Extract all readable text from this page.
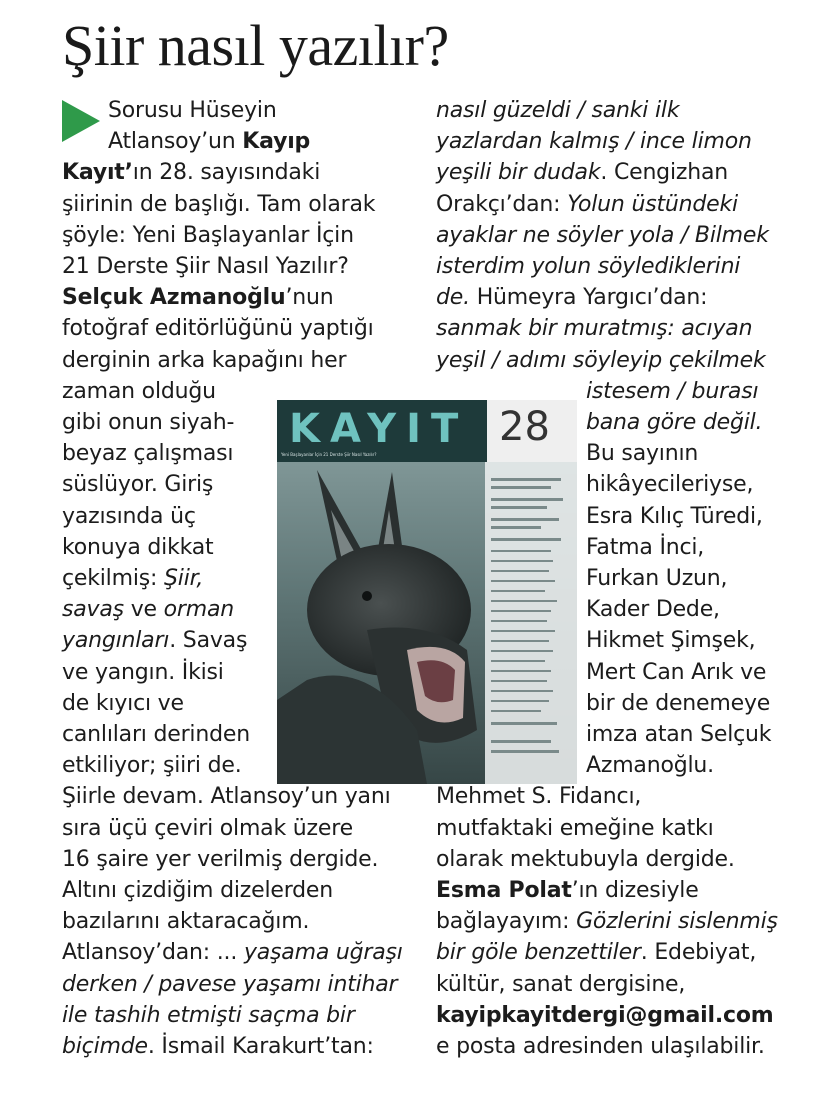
Şiir nasıl yazılır?
Sorusu Hüseyin
Atlansoy’un Kayıp
Kayıt’ın 28. sayısındaki
şiirinin de başlığı. Tam olarak
şöyle: Yeni Başlayanlar İçin
21 Derste Şiir Nasıl Yazılır?
Selçuk Azmanoğlu’nun
fotoğraf editörlüğünü yaptığı
derginin arka kapağını her
zaman olduğu
gibi onun siyah-
beyaz çalışması
süslüyor. Giriş
yazısında üç
konuya dikkat
çekilmiş: Şiir,
savaş ve orman
yangınları. Savaş
ve yangın. İkisi
de kıyıcı ve
canlıları derinden
etkiliyor; şiiri de.
Şiirle devam. Atlansoy’un yanı
sıra üçü çeviri olmak üzere
16 şaire yer verilmiş dergide.
Altını çizdiğim dizelerden
bazılarını aktaracağım.
Atlansoy’dan: ... yaşama uğraşı
derken / pavese yaşamı intihar
ile tashih etmişti saçma bir
biçimde. İsmail Karakurt’tan:
nasıl güzeldi / sanki ilk
yazlardan kalmış / ince limon
yeşili bir dudak. Cengizhan
Orakçı’dan: Yolun üstündeki
ayaklar ne söyler yola / Bilmek
isterdim yolun söylediklerini
de. Hümeyra Yargıcı’dan:
sanmak bir muratmış: acıyan
yeşil / adımı söyleyip çekilmek
istesem / burası
bana göre değil.
Bu sayının
hikâyecileriyse,
Esra Kılıç Türedi,
Fatma İnci,
Furkan Uzun,
Kader Dede,
Hikmet Şimşek,
Mert Can Arık ve
bir de denemeye
imza atan Selçuk
Azmanoğlu.
Mehmet S. Fidancı,
mutfaktaki emeğine katkı
olarak mektubuyla dergide.
Esma Polat’ın dizesiyle
bağlayayım: Gözlerini sislenmiş
bir göle benzettiler. Edebiyat,
kültür, sanat dergisine,
kayipkayitdergi@gmail.com
e posta adresinden ulaşılabilir.
KAYIT 28
Yeni Başlayanlar İçin 21 Derste Şiir Nasıl Yazılır?
